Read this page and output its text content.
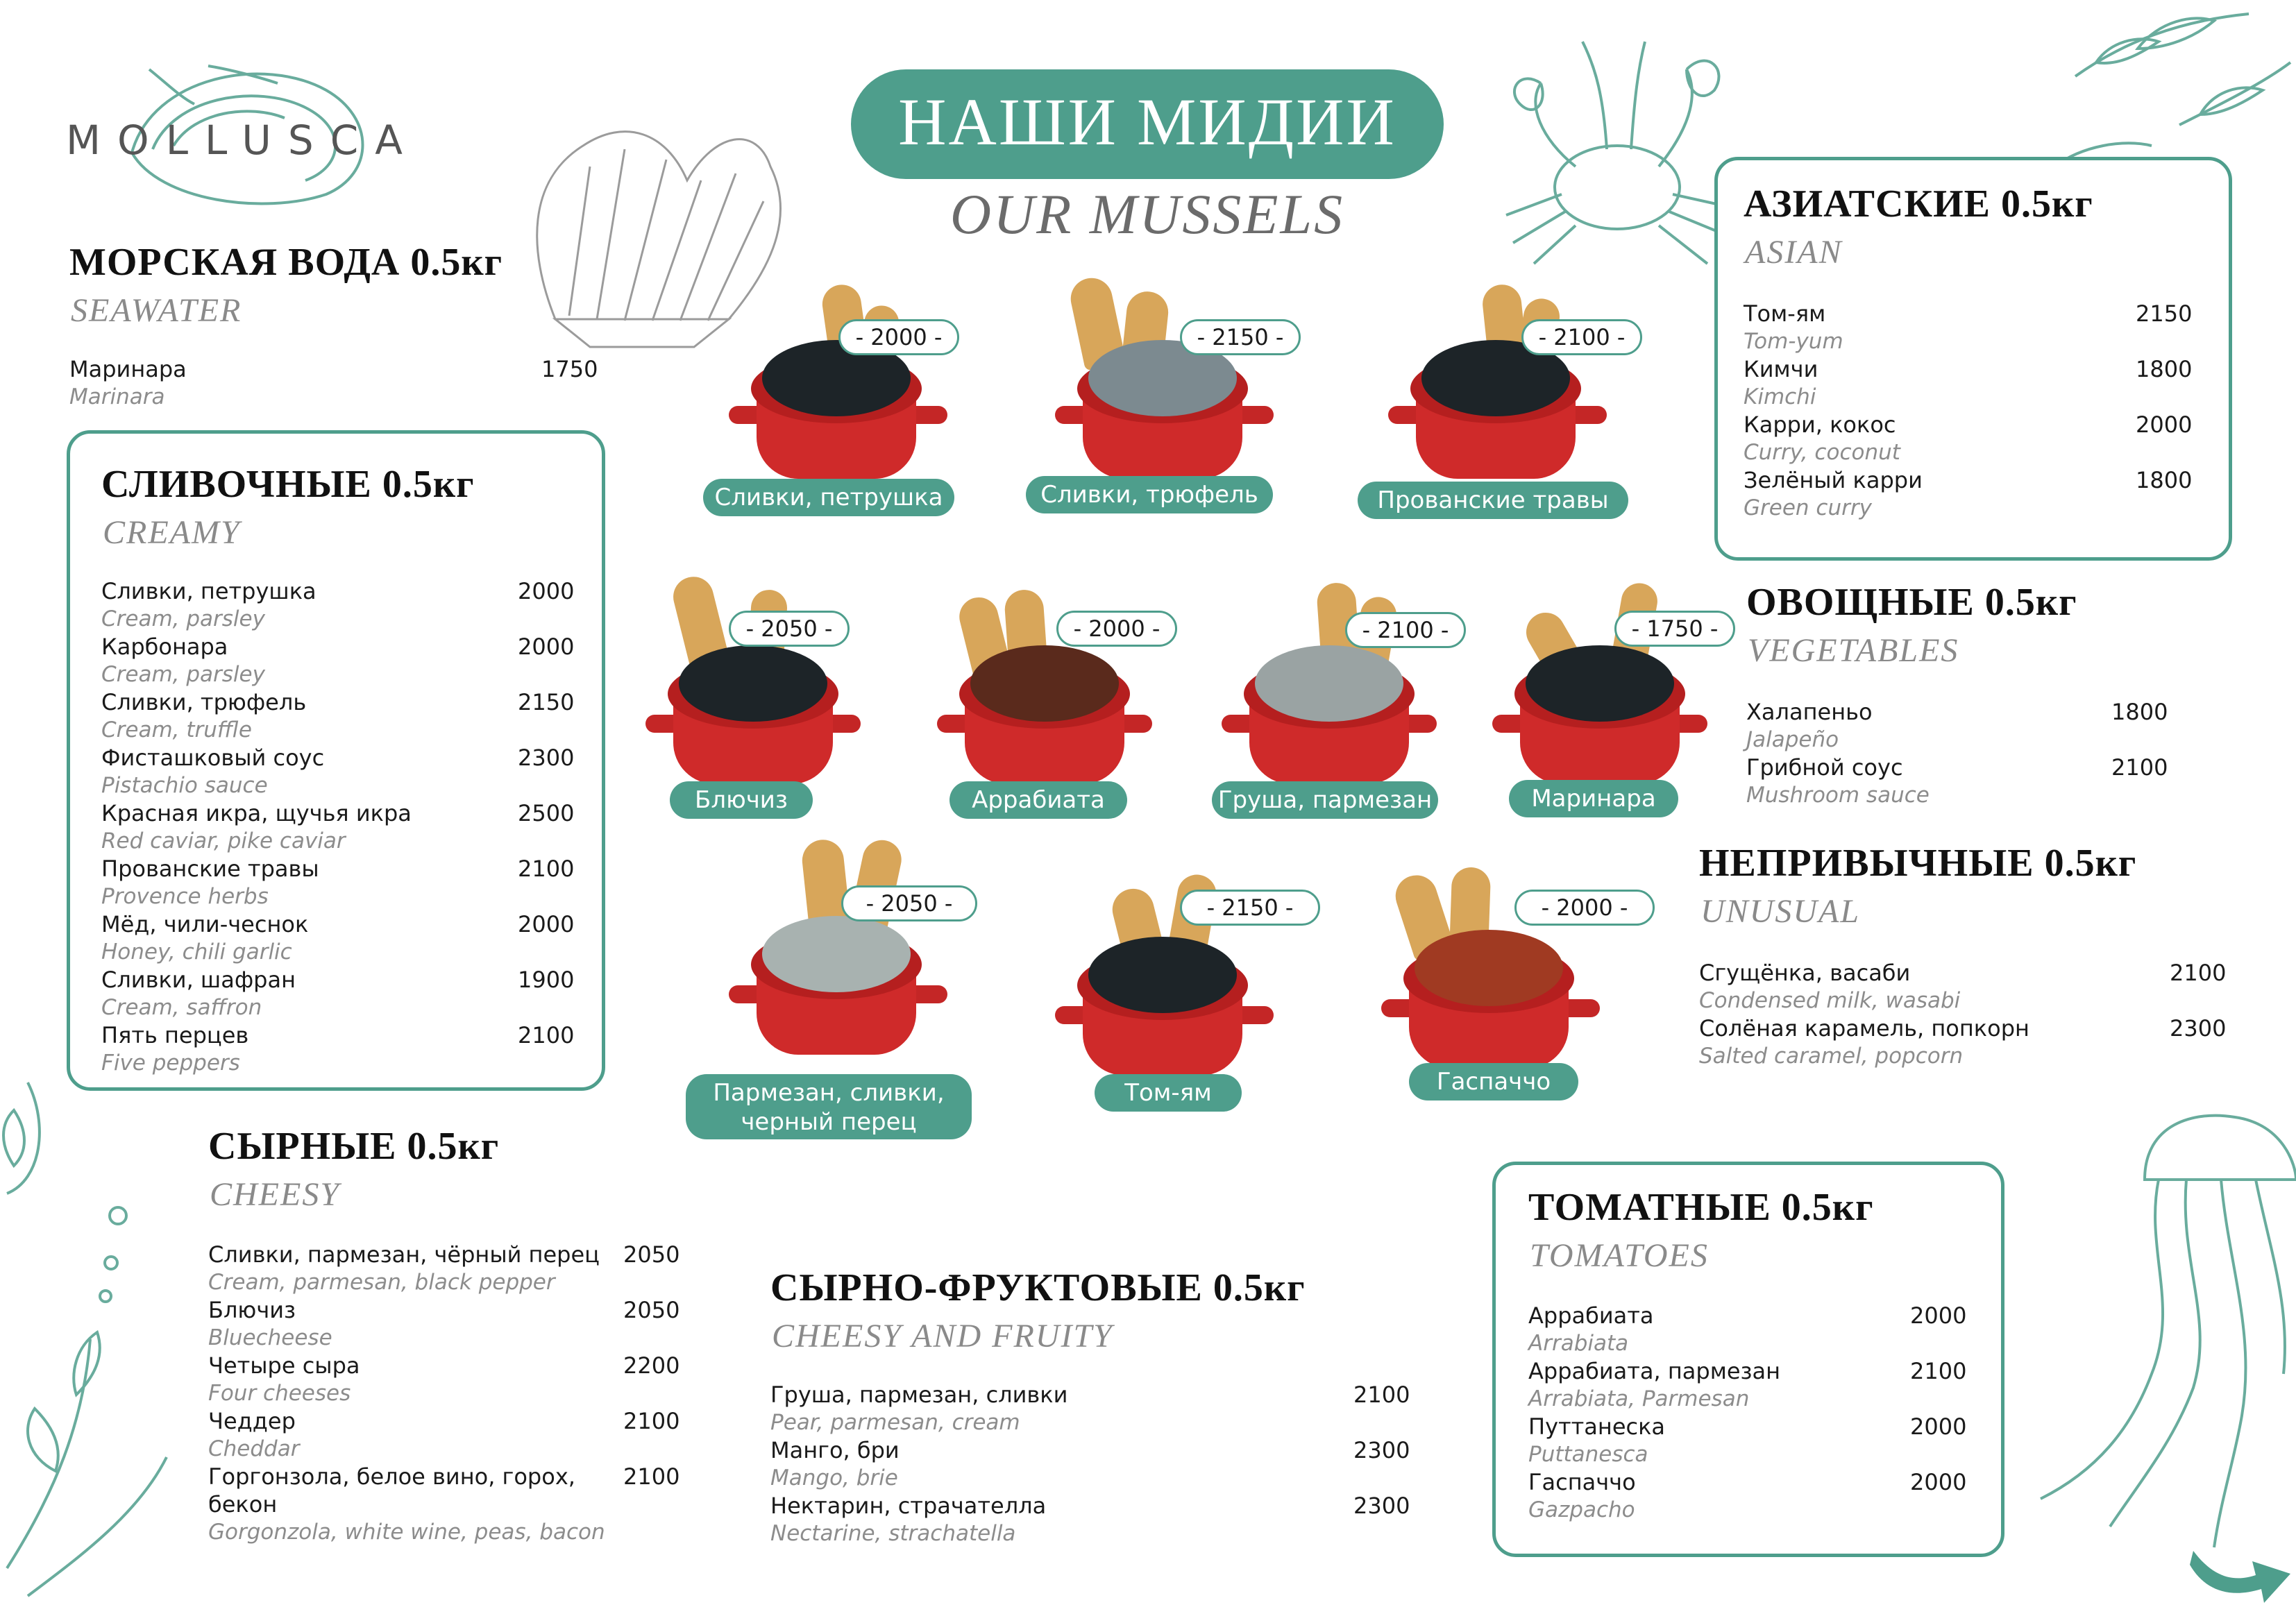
MOLLUSCA	НАШИ МИДИИ
OUR MUSSELS
МОРСКАЯ ВОДА 0.5кг
SEAWATER
Маринара
Marinara
1750
СЛИВОЧНЫЕ 0.5кг
CREAMY
Сливки, петрушка
Cream, parsley
2000
Карбонара
Cream, parsley
2000
Сливки, трюфель
Cream, truffle
2150
Фисташковый соус
Pistachio sauce
2300
Красная икра, щучья икра
Red caviar, pike caviar
2500
Прованские травы
Provence herbs
2100
Мёд, чили-чеснок
Honey, chili garlic
2000
Сливки, шафран
Cream, saffron
1900
Пять перцев
Five peppers
2100
СЫРНЫЕ 0.5кг
CHEESY
Сливки, пармезан, чёрный перец
Cream, parmesan, black pepper
2050
Блючиз
Bluecheese
2050
Четыре сыра
Four cheeses
2200
Чеддер
Cheddar
2100
Горгонзола, белое вино, горох,
бекон
Gorgonzola, white wine, peas, bacon
2100
СЫРНО-ФРУКТОВЫЕ 0.5кг
CHEESY AND FRUITY
Груша, пармезан, сливки
Pear, parmesan, cream
2100
Манго, бри
Mango, brie
2300
Нектарин, страчателла
Nectarine, strachatella
2300
АЗИАТСКИЕ 0.5кг
ASIAN
Том-ям
Tom-yum
2150
Кимчи
Kimchi
1800
Карри, кокос
Curry, coconut
2000
Зелёный карри
Green curry
1800
ОВОЩНЫЕ 0.5кг
VEGETABLES
Халапеньо
Jalapeño
1800
Грибной соус
Mushroom sauce
2100
НЕПРИВЫЧНЫЕ 0.5кг
UNUSUAL
Сгущёнка, васаби
Condensed milk, wasabi
2100
Солёная карамель, попкорн
Salted caramel, popcorn
2300
ТОМАТНЫЕ 0.5кг
TOMATOES
Аррабиата
Arrabiata
2000
Аррабиата, пармезан
Arrabiata, Parmesan
2100
Путтанеска
Puttanesca
2000
Гаспаччо
Gazpacho
2000
- 2000 -
Сливки, петрушка
- 2150 -
Сливки, трюфель
- 2100 -
Прованские травы
- 2050 -
Блючиз
- 2000 -
Аррабиата
- 2100 -
Груша, пармезан
- 1750 -
Маринара
- 2050 -
Пармезан, сливки,
черный перец
- 2150 -
Том-ям
- 2000 -
Гаспаччо
